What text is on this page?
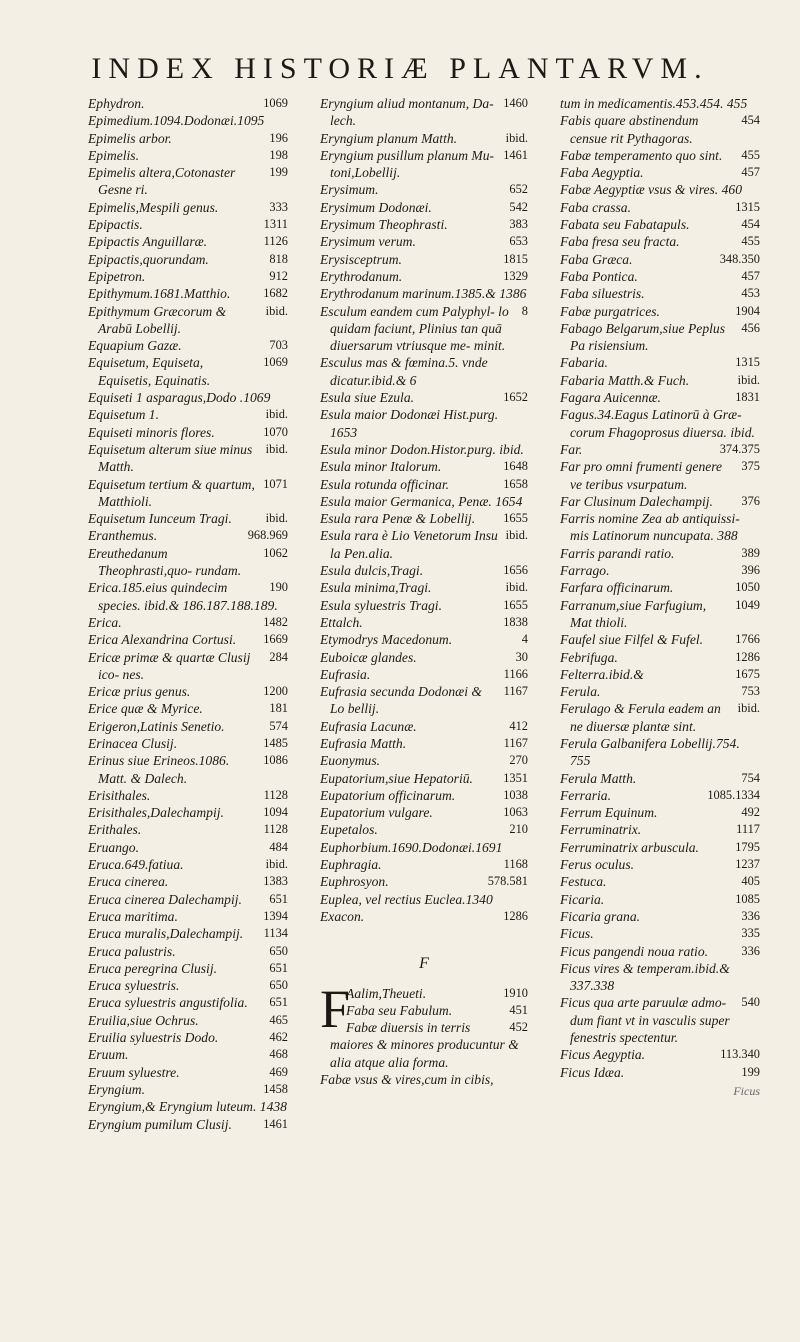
INDEX HISTORIÆ PLANTARVM.
1069
Ephydron.
Epimedium.1094.Dodonæi.1095
196
Epimelis arbor.
198
Epimelis.
199
Epimelis altera,Cotonaster Gesne ri.
333
Epimelis,Mespili genus.
1311
Epipactis.
1126
Epipactis Anguillaræ.
818
Epipactis,quorundam.
912
Epipetron.
1682
Epithymum.1681.Matthio.
ibid.
Epithymum Græcorum & Arabū Lobellij.
703
Equapium Gazæ.
1069
Equisetum, Equiseta, Equisetis, Equinatis.
Equiseti 1 asparagus,Dodo .1069
ibid.
Equisetum 1.
1070
Equiseti minoris flores.
ibid.
Equisetum alterum siue minus Matth.
1071
Equisetum tertium & quartum, Matthioli.
ibid.
Equisetum Iunceum Tragi.
968.969
Eranthemus.
1062
Ereuthedanum Theophrasti,quo- rundam.
190
Erica.185.eius quindecim species. ibid.& 186.187.188.189.
1482
Erica.
1669
Erica Alexandrina Cortusi.
284
Ericæ primæ & quartæ Clusij ico- nes.
1200
Ericæ prius genus.
181
Erice quæ & Myrice.
574
Erigeron,Latinis Senetio.
1485
Erinacea Clusij.
1086
Erinus siue Erineos.1086. Matt. & Dalech.
1128
Erisithales.
1094
Erisithales,Dalechampij.
1128
Erithales.
484
Eruango.
ibid.
Eruca.649.fatiua.
1383
Eruca cinerea.
651
Eruca cinerea Dalechampij.
1394
Eruca maritima.
1134
Eruca muralis,Dalechampij.
650
Eruca palustris.
651
Eruca peregrina Clusij.
650
Eruca syluestris.
651
Eruca syluestris angustifolia.
465
Eruilia,siue Ochrus.
462
Eruilia syluestris Dodo.
468
Eruum.
469
Eruum syluestre.
1458
Eryngium.
Eryngium,& Eryngium luteum. 1438
1461
Eryngium pumilum Clusij.
1460
Eryngium aliud montanum, Da- lech.
ibid.
Eryngium planum Matth.
1461
Eryngium pusillum planum Mu- toni,Lobellij.
652
Erysimum.
542
Erysimum Dodonæi.
383
Erysimum Theophrasti.
653
Erysimum verum.
1815
Erysisceptrum.
1329
Erythrodanum.
Erythrodanum marinum.1385.& 1386
8
Esculum eandem cum Palyphyl- lo quidam faciunt, Plinius tan quā diuersarum vtriusque me- minit.
Esculus mas & fœmina.5. vnde dicatur.ibid.& 6
1652
Esula siue Ezula.
Esula maior Dodonæi Hist.purg. 1653
Esula minor Dodon.Histor.purg. ibid.
1648
Esula minor Italorum.
1658
Esula rotunda officinar.
Esula maior Germanica, Penæ. 1654
1655
Esula rara Penæ & Lobellij.
ibid.
Esula rara è Lio Venetorum Insu la Pen.alia.
1656
Esula dulcis,Tragi.
ibid.
Esula minima,Tragi.
1655
Esula syluestris Tragi.
1838
Ettalch.
4
Etymodrys Macedonum.
30
Euboicæ glandes.
1166
Eufrasia.
1167
Eufrasia secunda Dodonæi & Lo bellij.
412
Eufrasia Lacunæ.
1167
Eufrasia Matth.
270
Euonymus.
1351
Eupatorium,siue Hepatoriū.
1038
Eupatorium officinarum.
1063
Eupatorium vulgare.
210
Eupetalos.
Euphorbium.1690.Dodonæi.1691
1168
Euphragia.
578.581
Euphrosyon.
Euplea, vel rectius Euclea.1340
1286
Exacon.
F
F	1910
Aalim,Theueti.
451
Faba seu Fabulum.
452
Fabæ diuersis in terris maiores & minores producuntur & alia atque alia forma.
Fabæ vsus & vires,cum in cibis,
tum in medicamentis.453.454. 455
454
Fabis quare abstinendum censue rit Pythagoras.
455
Fabæ temperamento quo sint.
457
Faba Aegyptia.
Fabæ Aegyptiæ vsus & vires. 460
1315
Faba crassa.
454
Fabata seu Fabatapuls.
455
Faba fresa seu fracta.
348.350
Faba Græca.
457
Faba Pontica.
453
Faba siluestris.
1904
Fabæ purgatrices.
456
Fabago Belgarum,siue Peplus Pa risiensium.
1315
Fabaria.
ibid.
Fabaria Matth.& Fuch.
1831
Fagara Auicennæ.
Fagus.34.Eagus Latinorū à Græ- corum Fhagoprosus diuersa. ibid.
374.375
Far.
375
Far pro omni frumenti genere ve teribus vsurpatum.
376
Far Clusinum Dalechampij.
Farris nomine Zea ab antiquissi- mis Latinorum nuncupata. 388
389
Farris parandi ratio.
396
Farrago.
1050
Farfara officinarum.
1049
Farranum,siue Farfugium, Mat thioli.
1766
Faufel siue Filfel & Fufel.
1286
Febrifuga.
1675
Felterra.ibid.&
753
Ferula.
ibid.
Ferulago & Ferula eadem an ne diuersæ plantæ sint.
Ferula Galbanifera Lobellij.754. 755
754
Ferula Matth.
1085.1334
Ferraria.
492
Ferrum Equinum.
1117
Ferruminatrix.
1795
Ferruminatrix arbuscula.
1237
Ferus oculus.
405
Festuca.
1085
Ficaria.
336
Ficaria grana.
335
Ficus.
336
Ficus pangendi noua ratio.
Ficus vires & temperam.ibid.& 337.338
540
Ficus qua arte paruulæ admo- dum fiant vt in vasculis super fenestris spectentur.
113.340
Ficus Aegyptia.
199
Ficus Idæa.
Ficus
